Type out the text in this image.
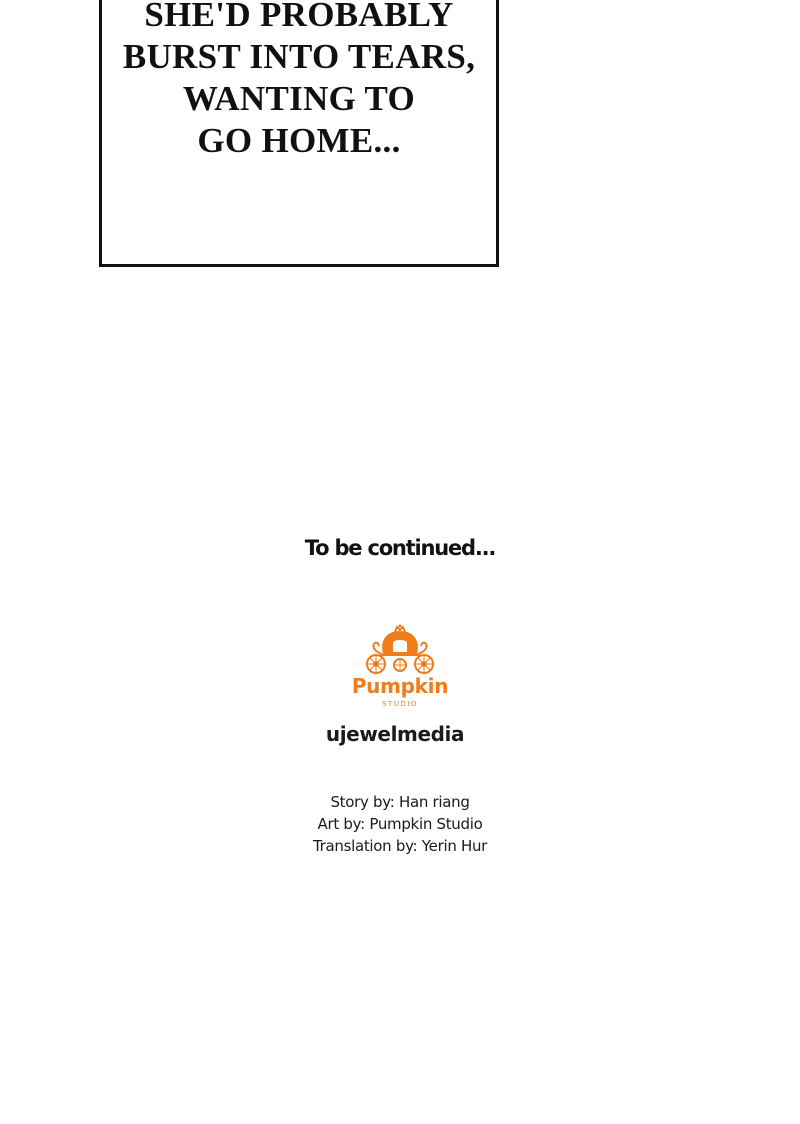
SHE'D PROBABLY
BURST INTO TEARS,
WANTING TO
GO HOME...
To be continued...
Pumpkin
STUDIO
ujewelmedia
Story by: Han riang
Art by: Pumpkin Studio
Translation by: Yerin Hur
